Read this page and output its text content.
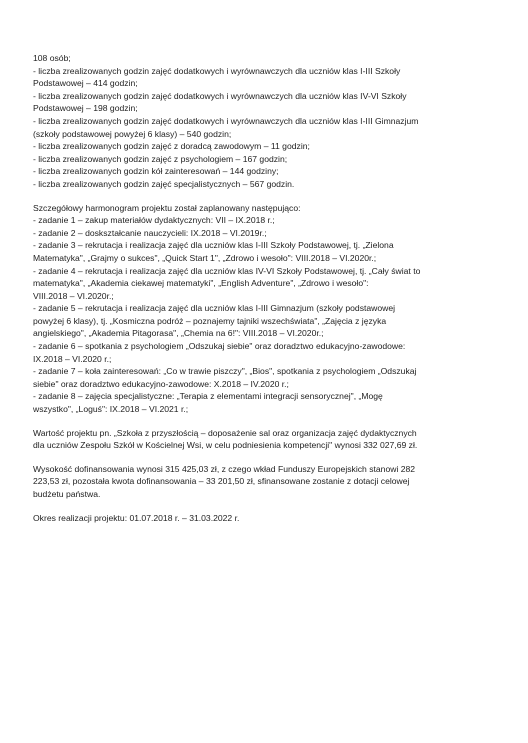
108 osób;
- liczba zrealizowanych godzin zajęć dodatkowych i wyrównawczych dla uczniów klas I-III Szkoły
Podstawowej – 414 godzin;
- liczba zrealizowanych godzin zajęć dodatkowych i wyrównawczych dla uczniów klas IV-VI Szkoły
Podstawowej – 198 godzin;
- liczba zrealizowanych godzin zajęć dodatkowych i wyrównawczych dla uczniów klas I-III Gimnazjum
(szkoły podstawowej powyżej 6 klasy) – 540 godzin;
- liczba zrealizowanych godzin zajęć z doradcą zawodowym – 11 godzin;
- liczba zrealizowanych godzin zajęć z psychologiem – 167 godzin;
- liczba zrealizowanych godzin kół zainteresowań – 144 godziny;
- liczba zrealizowanych godzin zajęć specjalistycznych – 567 godzin.
Szczegółowy harmonogram projektu został zaplanowany następująco:
- zadanie 1 – zakup materiałów dydaktycznych: VII – IX.2018 r.;
- zadanie 2 – doskształcanie nauczycieli: IX.2018 – VI.2019r.;
- zadanie 3 – rekrutacja i realizacja zajęć dla uczniów klas I-III Szkoły Podstawowej, tj. „Zielona
Matematyka", „Grajmy o sukces", „Quick Start 1", „Zdrowo i wesoło": VIII.2018 – VI.2020r.;
- zadanie 4 – rekrutacja i realizacja zajęć dla uczniów klas IV-VI Szkoły Podstawowej, tj. „Cały świat to
matematyka", „Akademia ciekawej matematyki", „English Adventure", „Zdrowo i wesoło":
VIII.2018 – VI.2020r.;
- zadanie 5 – rekrutacja i realizacja zajęć dla uczniów klas I-III Gimnazjum (szkoły podstawowej
powyżej 6 klasy), tj. „Kosmiczna podróż – poznajemy tajniki wszechświata", „Zajęcia z języka
angielskiego", „Akademia Pitagorasa", „Chemia na 6!": VIII.2018 – VI.2020r.;
- zadanie 6 – spotkania z psychologiem „Odszukaj siebie" oraz doradztwo edukacyjno-zawodowe:
IX.2018 – VI.2020 r.;
- zadanie 7 – koła zainteresowań: „Co w trawie piszczy", „Bios", spotkania z psychologiem „Odszukaj
siebie" oraz doradztwo edukacyjno-zawodowe: X.2018 – IV.2020 r.;
- zadanie 8 – zajęcia specjalistyczne: „Terapia z elementami integracji sensorycznej", „Mogę
wszystko", „Loguś": IX.2018 – VI.2021 r.;
Wartość projektu pn. „Szkoła z przyszłością – doposażenie sal oraz organizacja zajęć dydaktycznych
dla uczniów Zespołu Szkół w Kościelnej Wsi, w celu podniesienia kompetencji" wynosi 332 027,69 zł.
Wysokość dofinansowania wynosi 315 425,03 zł, z czego wkład Funduszy Europejskich stanowi 282
223,53 zł, pozostała kwota dofinansowania – 33 201,50 zł, sfinansowane zostanie z dotacji celowej
budżetu państwa.
Okres realizacji projektu: 01.07.2018 r. – 31.03.2022 r.
